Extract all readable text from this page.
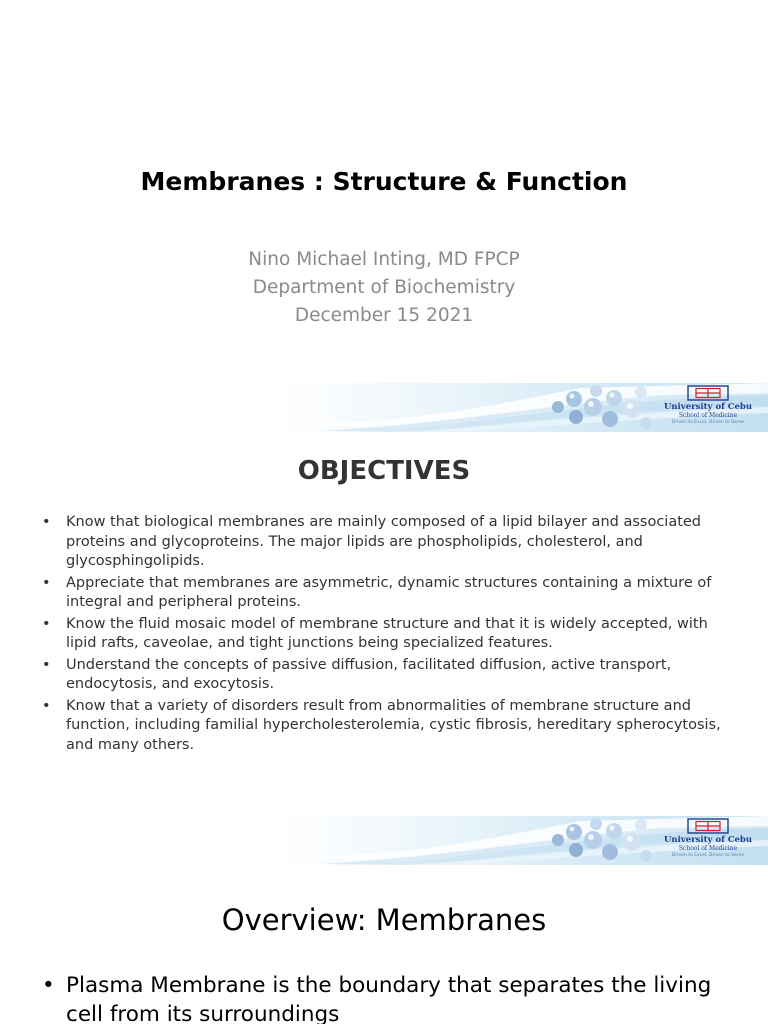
Membranes : Structure & Function
Nino Michael Inting, MD FPCP
Department of Biochemistry
December 15 2021
University of Cebu
School of Medicine
Driven to Excel, Driven to Serve
OBJECTIVES
• Know that biological membranes are mainly composed of a lipid bilayer and associated proteins and glycoproteins. The major lipids are phospholipids, cholesterol, and glycosphingolipids.
• Appreciate that membranes are asymmetric, dynamic structures containing a mixture of integral and peripheral proteins.
• Know the fluid mosaic model of membrane structure and that it is widely accepted, with lipid rafts, caveolae, and tight junctions being specialized features.
• Understand the concepts of passive diffusion, facilitated diffusion, active transport, endocytosis, and exocytosis.
• Know that a variety of disorders result from abnormalities of membrane structure and function, including familial hypercholesterolemia, cystic fibrosis, hereditary spherocytosis, and many others.
University of Cebu
School of Medicine
Driven to Excel, Driven to Serve
Overview: Membranes
• Plasma Membrane is the boundary that separates the living cell from its surroundings
